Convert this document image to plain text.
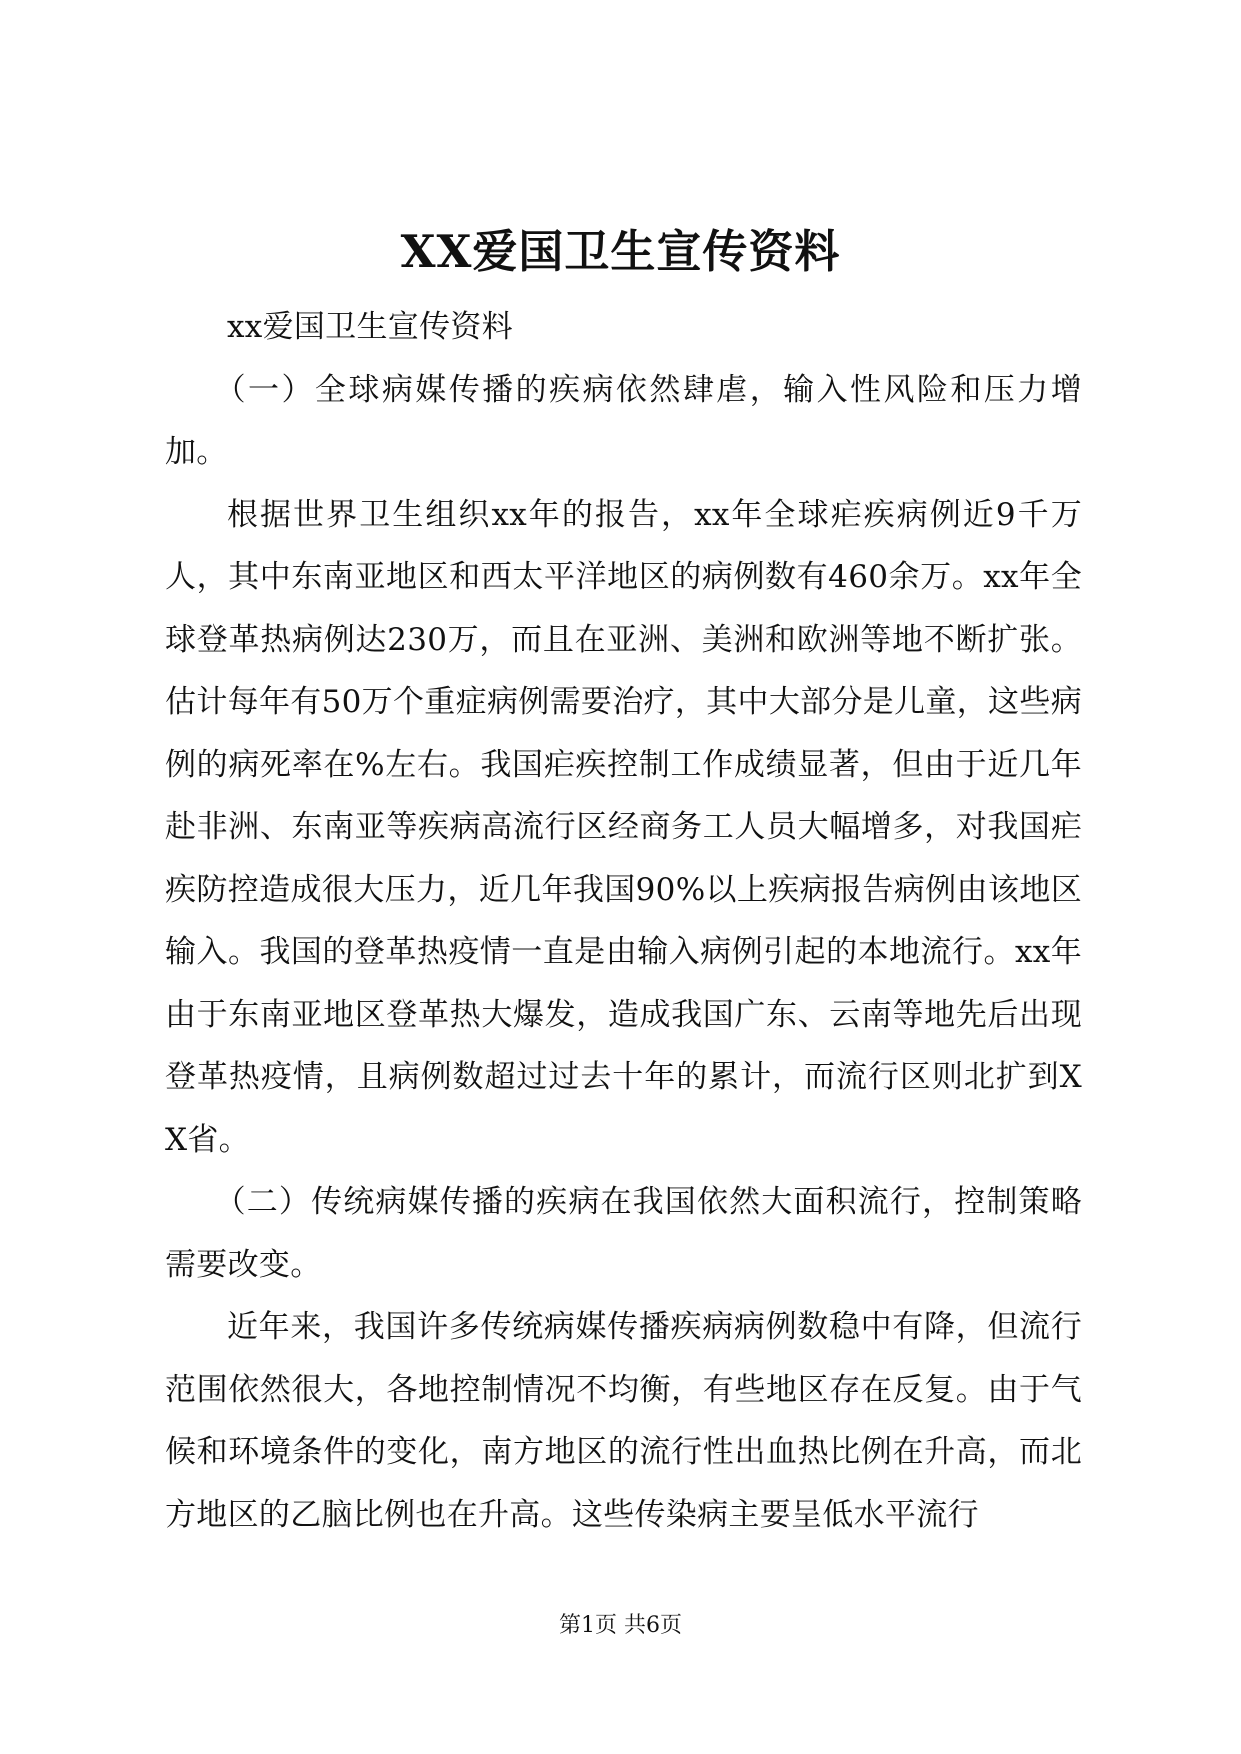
XX爱国卫生宣传资料

xx爱国卫生宣传资料

（一）全球病媒传播的疾病依然肆虐，输入性风险和压力增加。

根据世界卫生组织xx年的报告，xx年全球疟疾病例近9千万人，其中东南亚地区和西太平洋地区的病例数有460余万。xx年全球登革热病例达230万，而且在亚洲、美洲和欧洲等地不断扩张。估计每年有50万个重症病例需要治疗，其中大部分是儿童，这些病例的病死率在%左右。我国疟疾控制工作成绩显著，但由于近几年赴非洲、东南亚等疾病高流行区经商务工人员大幅增多，对我国疟疾防控造成很大压力，近几年我国90%以上疾病报告病例由该地区输入。我国的登革热疫情一直是由输入病例引起的本地流行。xx年由于东南亚地区登革热大爆发，造成我国广东、云南等地先后出现登革热疫情，且病例数超过过去十年的累计，而流行区则北扩到XX省。

（二）传统病媒传播的疾病在我国依然大面积流行，控制策略需要改变。

近年来，我国许多传统病媒传播疾病病例数稳中有降，但流行范围依然很大，各地控制情况不均衡，有些地区存在反复。由于气候和环境条件的变化，南方地区的流行性出血热比例在升高，而北方地区的乙脑比例也在升高。这些传染病主要呈低水平流行

第1页 共6页
